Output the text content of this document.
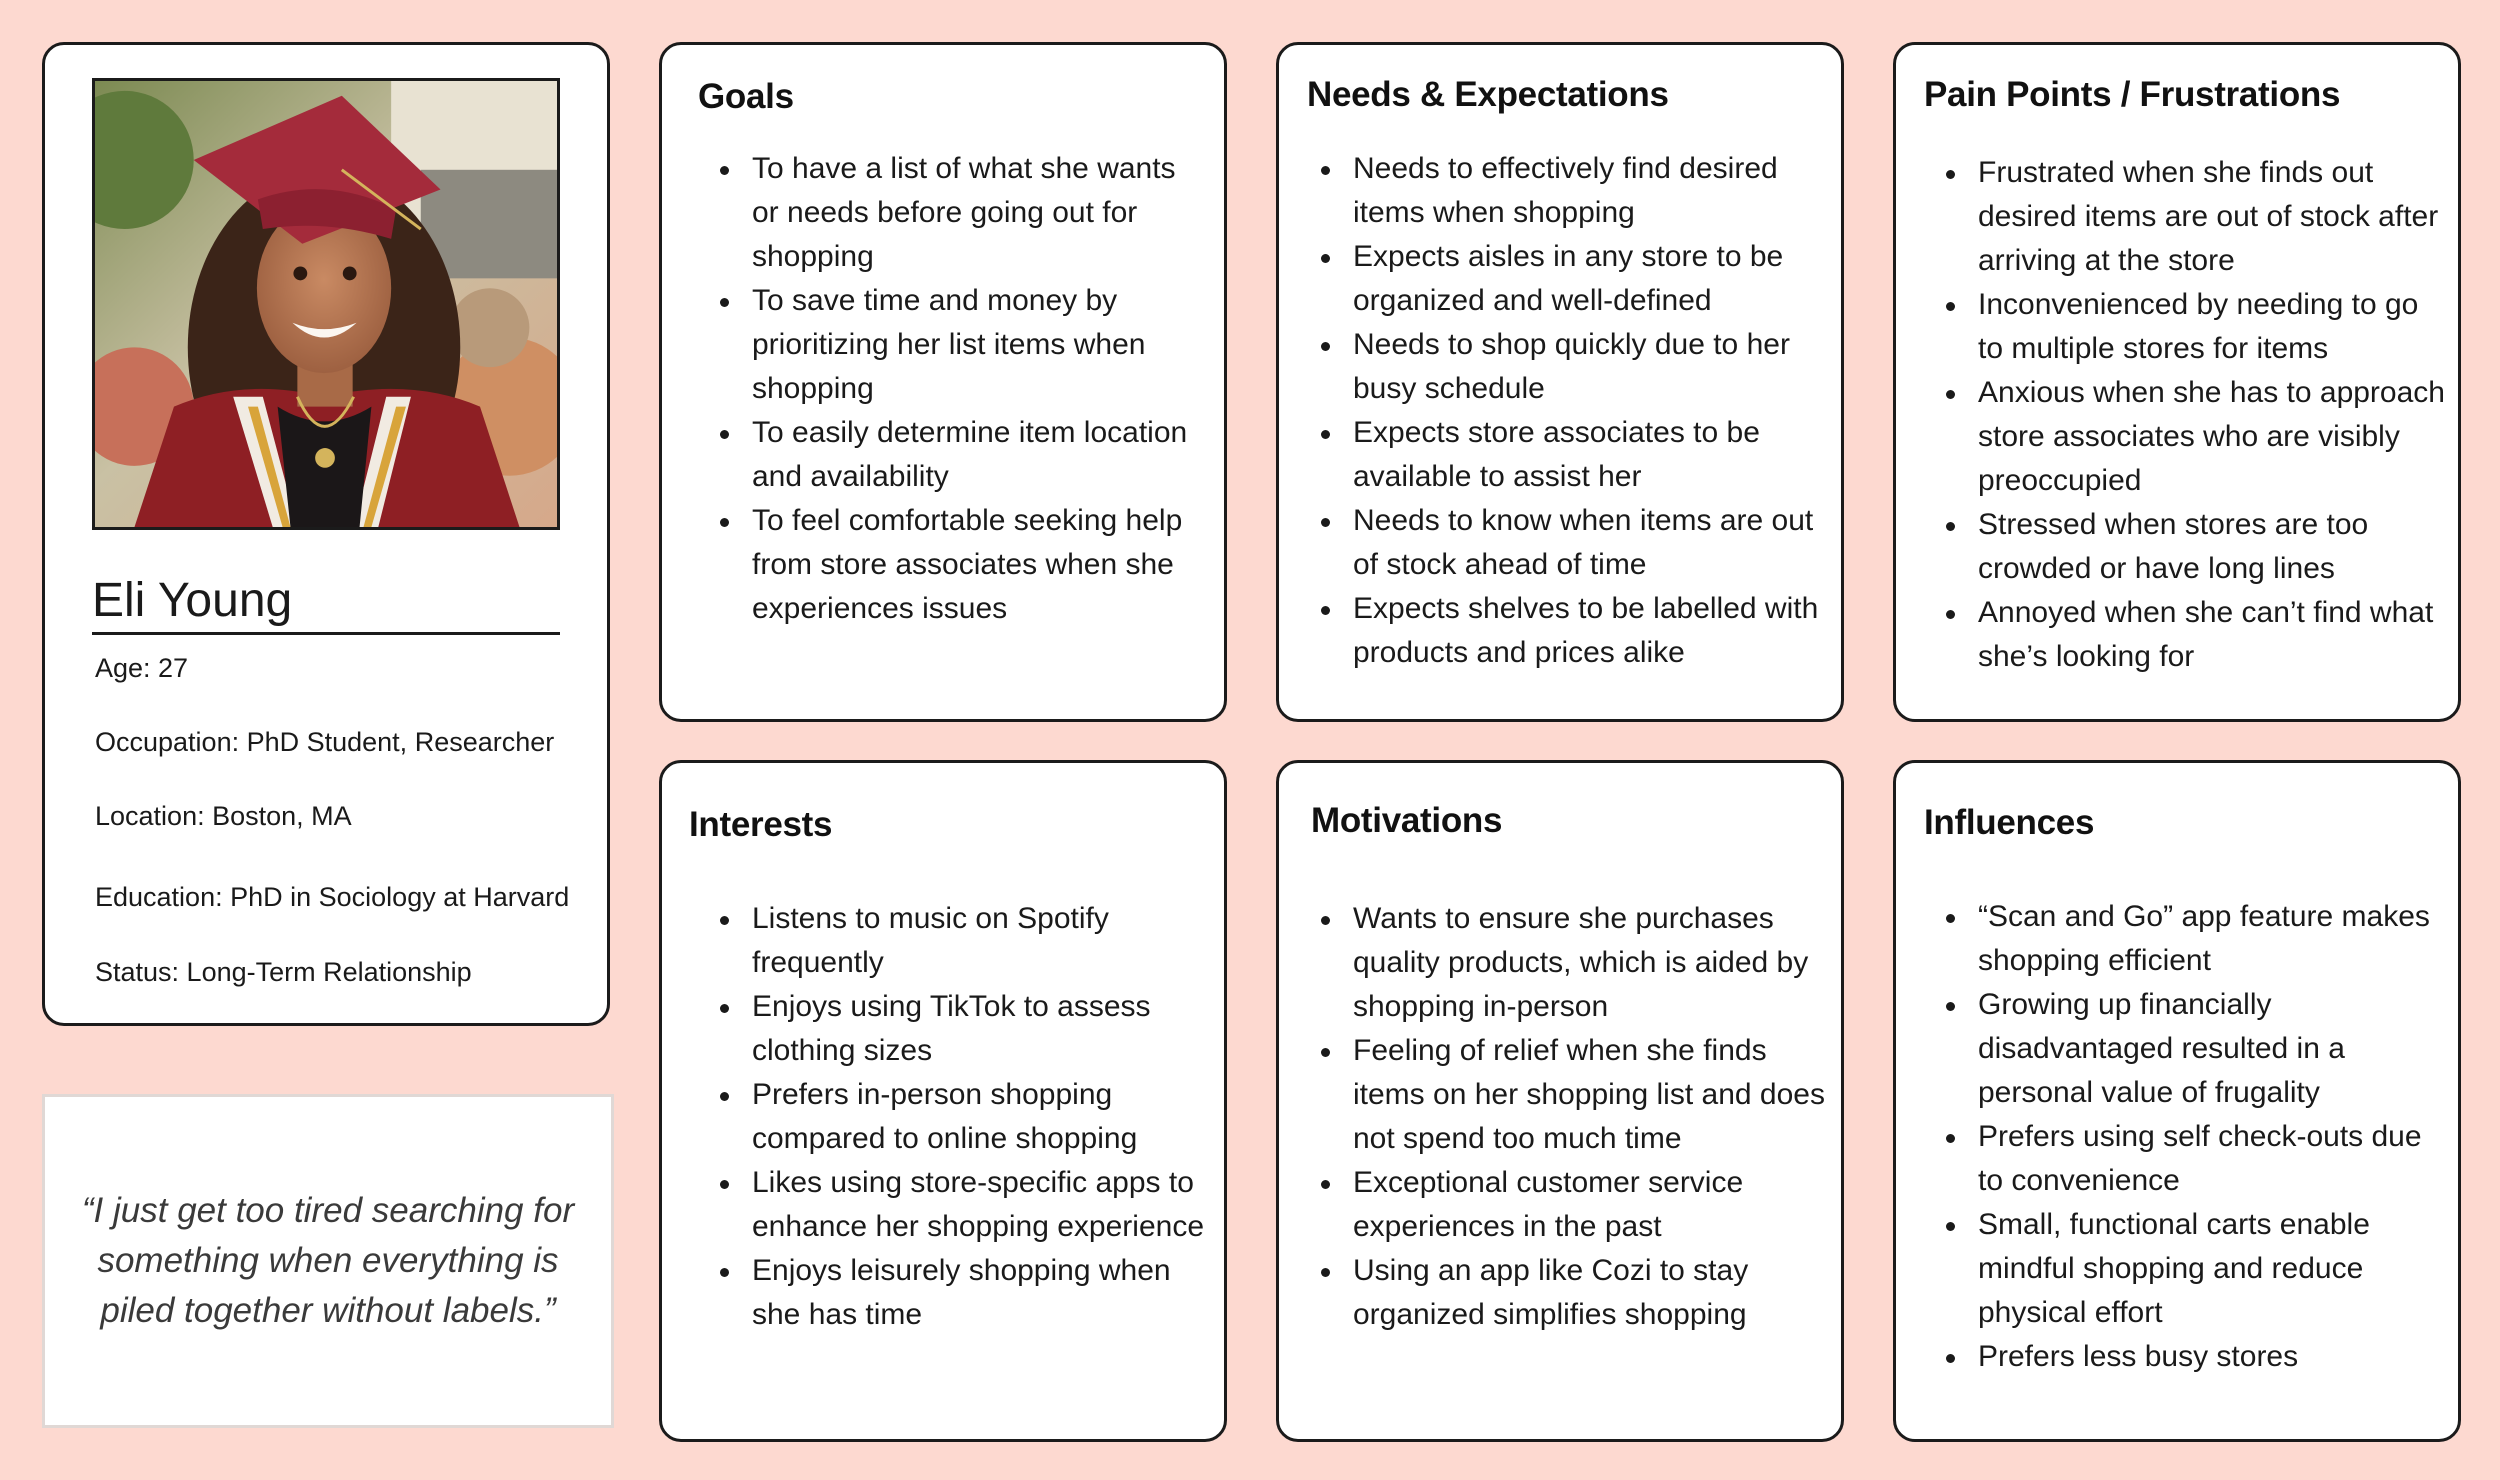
Eli Young
Age: 27
Occupation: PhD Student, Researcher
Location: Boston, MA
Education: PhD in Sociology at Harvard
Status: Long-Term Relationship
“I just get too tired searching for something when everything is piled together without labels.”
Goals
To have a list of what she wants or needs before going out for shopping
To save time and money by prioritizing her list items when shopping
To easily determine item location and availability
To feel comfortable seeking help from store associates when she experiences issues
Needs & Expectations
Needs to effectively find desired items when shopping
Expects aisles in any store to be organized and well-defined
Needs to shop quickly due to her busy schedule
Expects store associates to be available to assist her
Needs to know when items are out of stock ahead of time
Expects shelves to be labelled with products and prices alike
Pain Points / Frustrations
Frustrated when she finds out desired items are out of stock after arriving at the store
Inconvenienced by needing to go to multiple stores for items
Anxious when she has to approach store associates who are visibly preoccupied
Stressed when stores are too crowded or have long lines
Annoyed when she can’t find what she’s looking for
Interests
Listens to music on Spotify frequently
Enjoys using TikTok to assess clothing sizes
Prefers in-person shopping compared to online shopping
Likes using store-specific apps to enhance her shopping experience
Enjoys leisurely shopping when she has time
Motivations
Wants to ensure she purchases quality products, which is aided by shopping in-person
Feeling of relief when she finds items on her shopping list and does not spend too much time
Exceptional customer service experiences in the past
Using an app like Cozi to stay organized simplifies shopping
Influences
“Scan and Go” app feature makes shopping efficient
Growing up financially disadvantaged resulted in a personal value of frugality
Prefers using self check-outs due to convenience
Small, functional carts enable mindful shopping and reduce physical effort
Prefers less busy stores
